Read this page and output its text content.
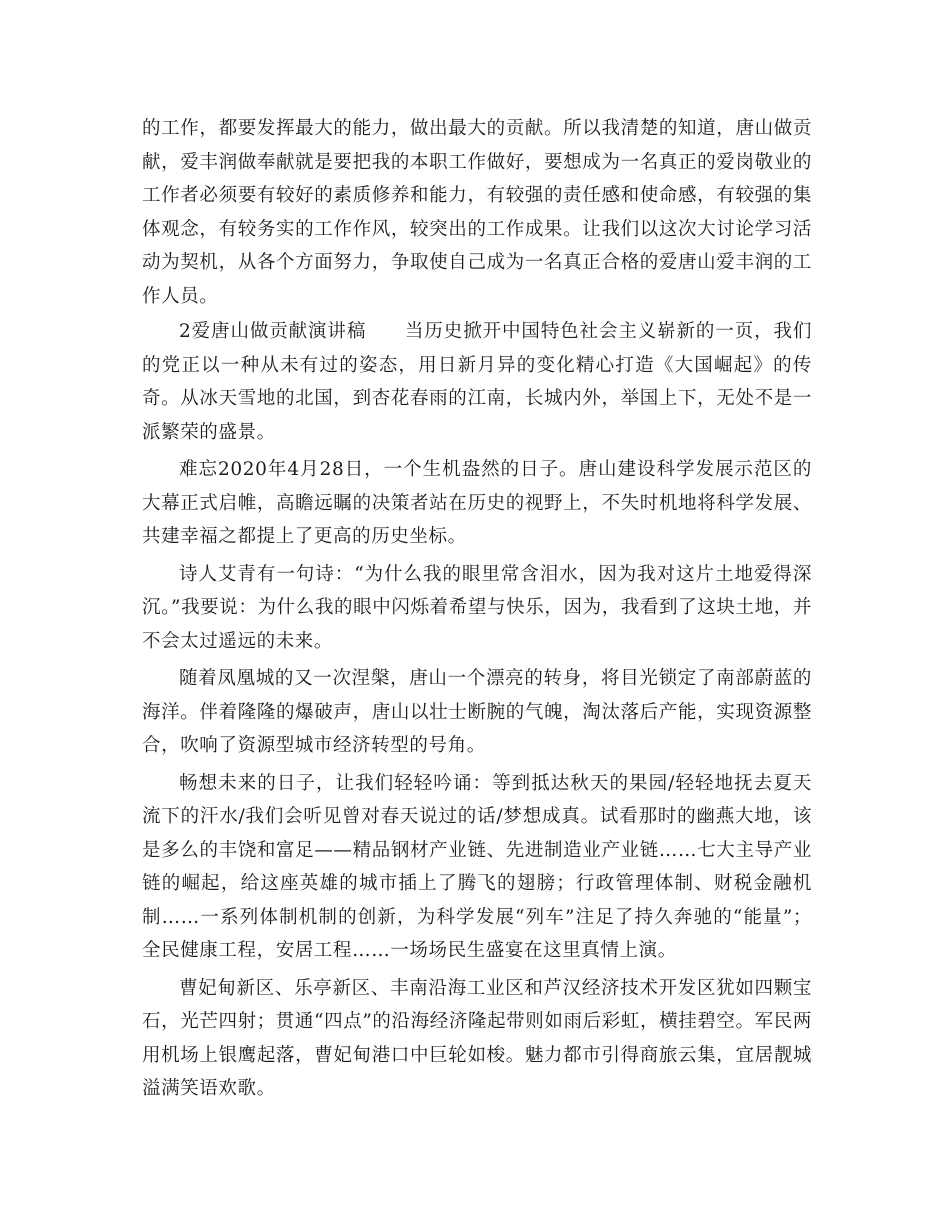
的工作，都要发挥最大的能力，做出最大的贡献。所以我清楚的知道，唐山做贡献，爱丰润做奉献就是要把我的本职工作做好，要想成为一名真正的爱岗敬业的工作者必须要有较好的素质修养和能力，有较强的责任感和使命感，有较强的集体观念，有较务实的工作作风，较突出的工作成果。让我们以这次大讨论学习活动为契机，从各个方面努力，争取使自己成为一名真正合格的爱唐山爱丰润的工作人员。

2爱唐山做贡献演讲稿　　当历史掀开中国特色社会主义崭新的一页，我们的党正以一种从未有过的姿态，用日新月异的变化精心打造《大国崛起》的传奇。从冰天雪地的北国，到杏花春雨的江南，长城内外，举国上下，无处不是一派繁荣的盛景。

难忘2020年4月28日，一个生机盎然的日子。唐山建设科学发展示范区的大幕正式启帷，高瞻远瞩的决策者站在历史的视野上，不失时机地将科学发展、共建幸福之都提上了更高的历史坐标。

诗人艾青有一句诗：“为什么我的眼里常含泪水，因为我对这片土地爱得深沉。”我要说：为什么我的眼中闪烁着希望与快乐，因为，我看到了这块土地，并不会太过遥远的未来。

随着凤凰城的又一次涅槃，唐山一个漂亮的转身，将目光锁定了南部蔚蓝的海洋。伴着隆隆的爆破声，唐山以壮士断腕的气魄，淘汰落后产能，实现资源整合，吹响了资源型城市经济转型的号角。

畅想未来的日子，让我们轻轻吟诵：等到抵达秋天的果园/轻轻地抚去夏天流下的汗水/我们会听见曾对春天说过的话/梦想成真。试看那时的幽燕大地，该是多么的丰饶和富足——精品钢材产业链、先进制造业产业链……七大主导产业链的崛起，给这座英雄的城市插上了腾飞的翅膀；行政管理体制、财税金融机制……一系列体制机制的创新，为科学发展“列车”注足了持久奔驰的“能量”；全民健康工程，安居工程……一场场民生盛宴在这里真情上演。

曹妃甸新区、乐亭新区、丰南沿海工业区和芦汉经济技术开发区犹如四颗宝石，光芒四射；贯通“四点”的沿海经济隆起带则如雨后彩虹，横挂碧空。军民两用机场上银鹰起落，曹妃甸港口中巨轮如梭。魅力都市引得商旅云集，宜居靓城溢满笑语欢歌。
